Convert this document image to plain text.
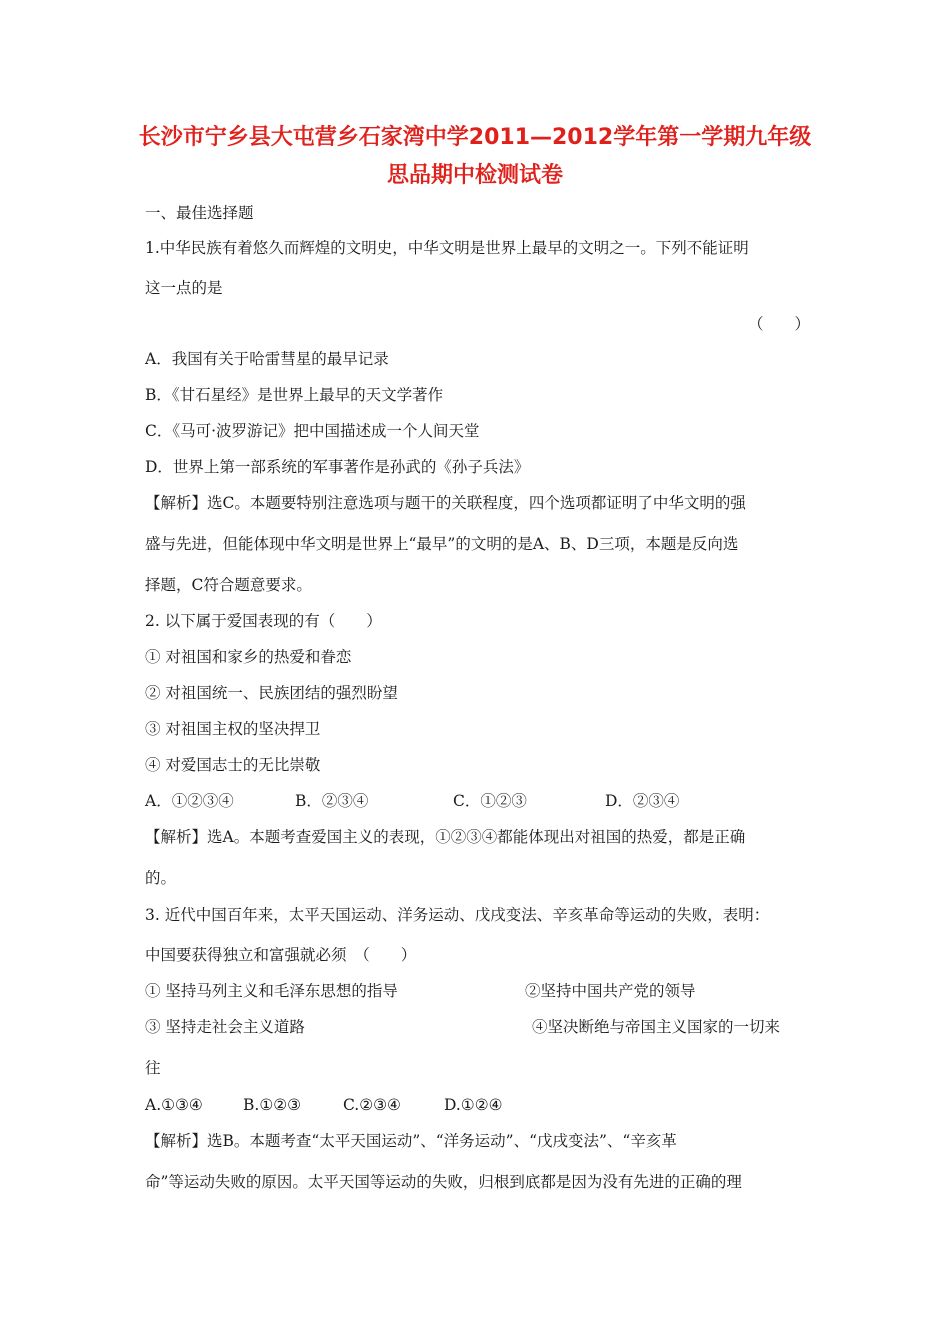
长沙市宁乡县大屯营乡石家湾中学2011—2012学年第一学期九年级
思品期中检测试卷
一、最佳选择题
1.中华民族有着悠久而辉煌的文明史，中华文明是世界上最早的文明之一。下列不能证明
这一点的是
（　　）
A．我国有关于哈雷彗星的最早记录
B．《甘石星经》是世界上最早的天文学著作
C．《马可·波罗游记》把中国描述成一个人间天堂
D．世界上第一部系统的军事著作是孙武的《孙子兵法》
【解析】选C。本题要特别注意选项与题干的关联程度，四个选项都证明了中华文明的强
盛与先进，但能体现中华文明是世界上“最早”的文明的是A、B、D三项，本题是反向选
择题，C符合题意要求。
2. 以下属于爱国表现的有（　　）
① 对祖国和家乡的热爱和眷恋
② 对祖国统一、民族团结的强烈盼望
③ 对祖国主权的坚决捍卫
④ 对爱国志士的无比崇敬
A．①②③④	B．②③④	C．①②③	D．②③④
【解析】选A。本题考查爱国主义的表现，①②③④都能体现出对祖国的热爱，都是正确
的。
3. 近代中国百年来，太平天国运动、洋务运动、戊戌变法、辛亥革命等运动的失败，表明：
中国要获得独立和富强就必须　（　　）
① 坚持马列主义和毛泽东思想的指导	②坚持中国共产党的领导
③ 坚持走社会主义道路	④坚决断绝与帝国主义国家的一切来
往
A.①③④	B.①②③	C.②③④	D.①②④
【解析】选B。本题考查“太平天国运动”、“洋务运动”、“戊戌变法”、“辛亥革
命”等运动失败的原因。太平天国等运动的失败，归根到底都是因为没有先进的正确的理
